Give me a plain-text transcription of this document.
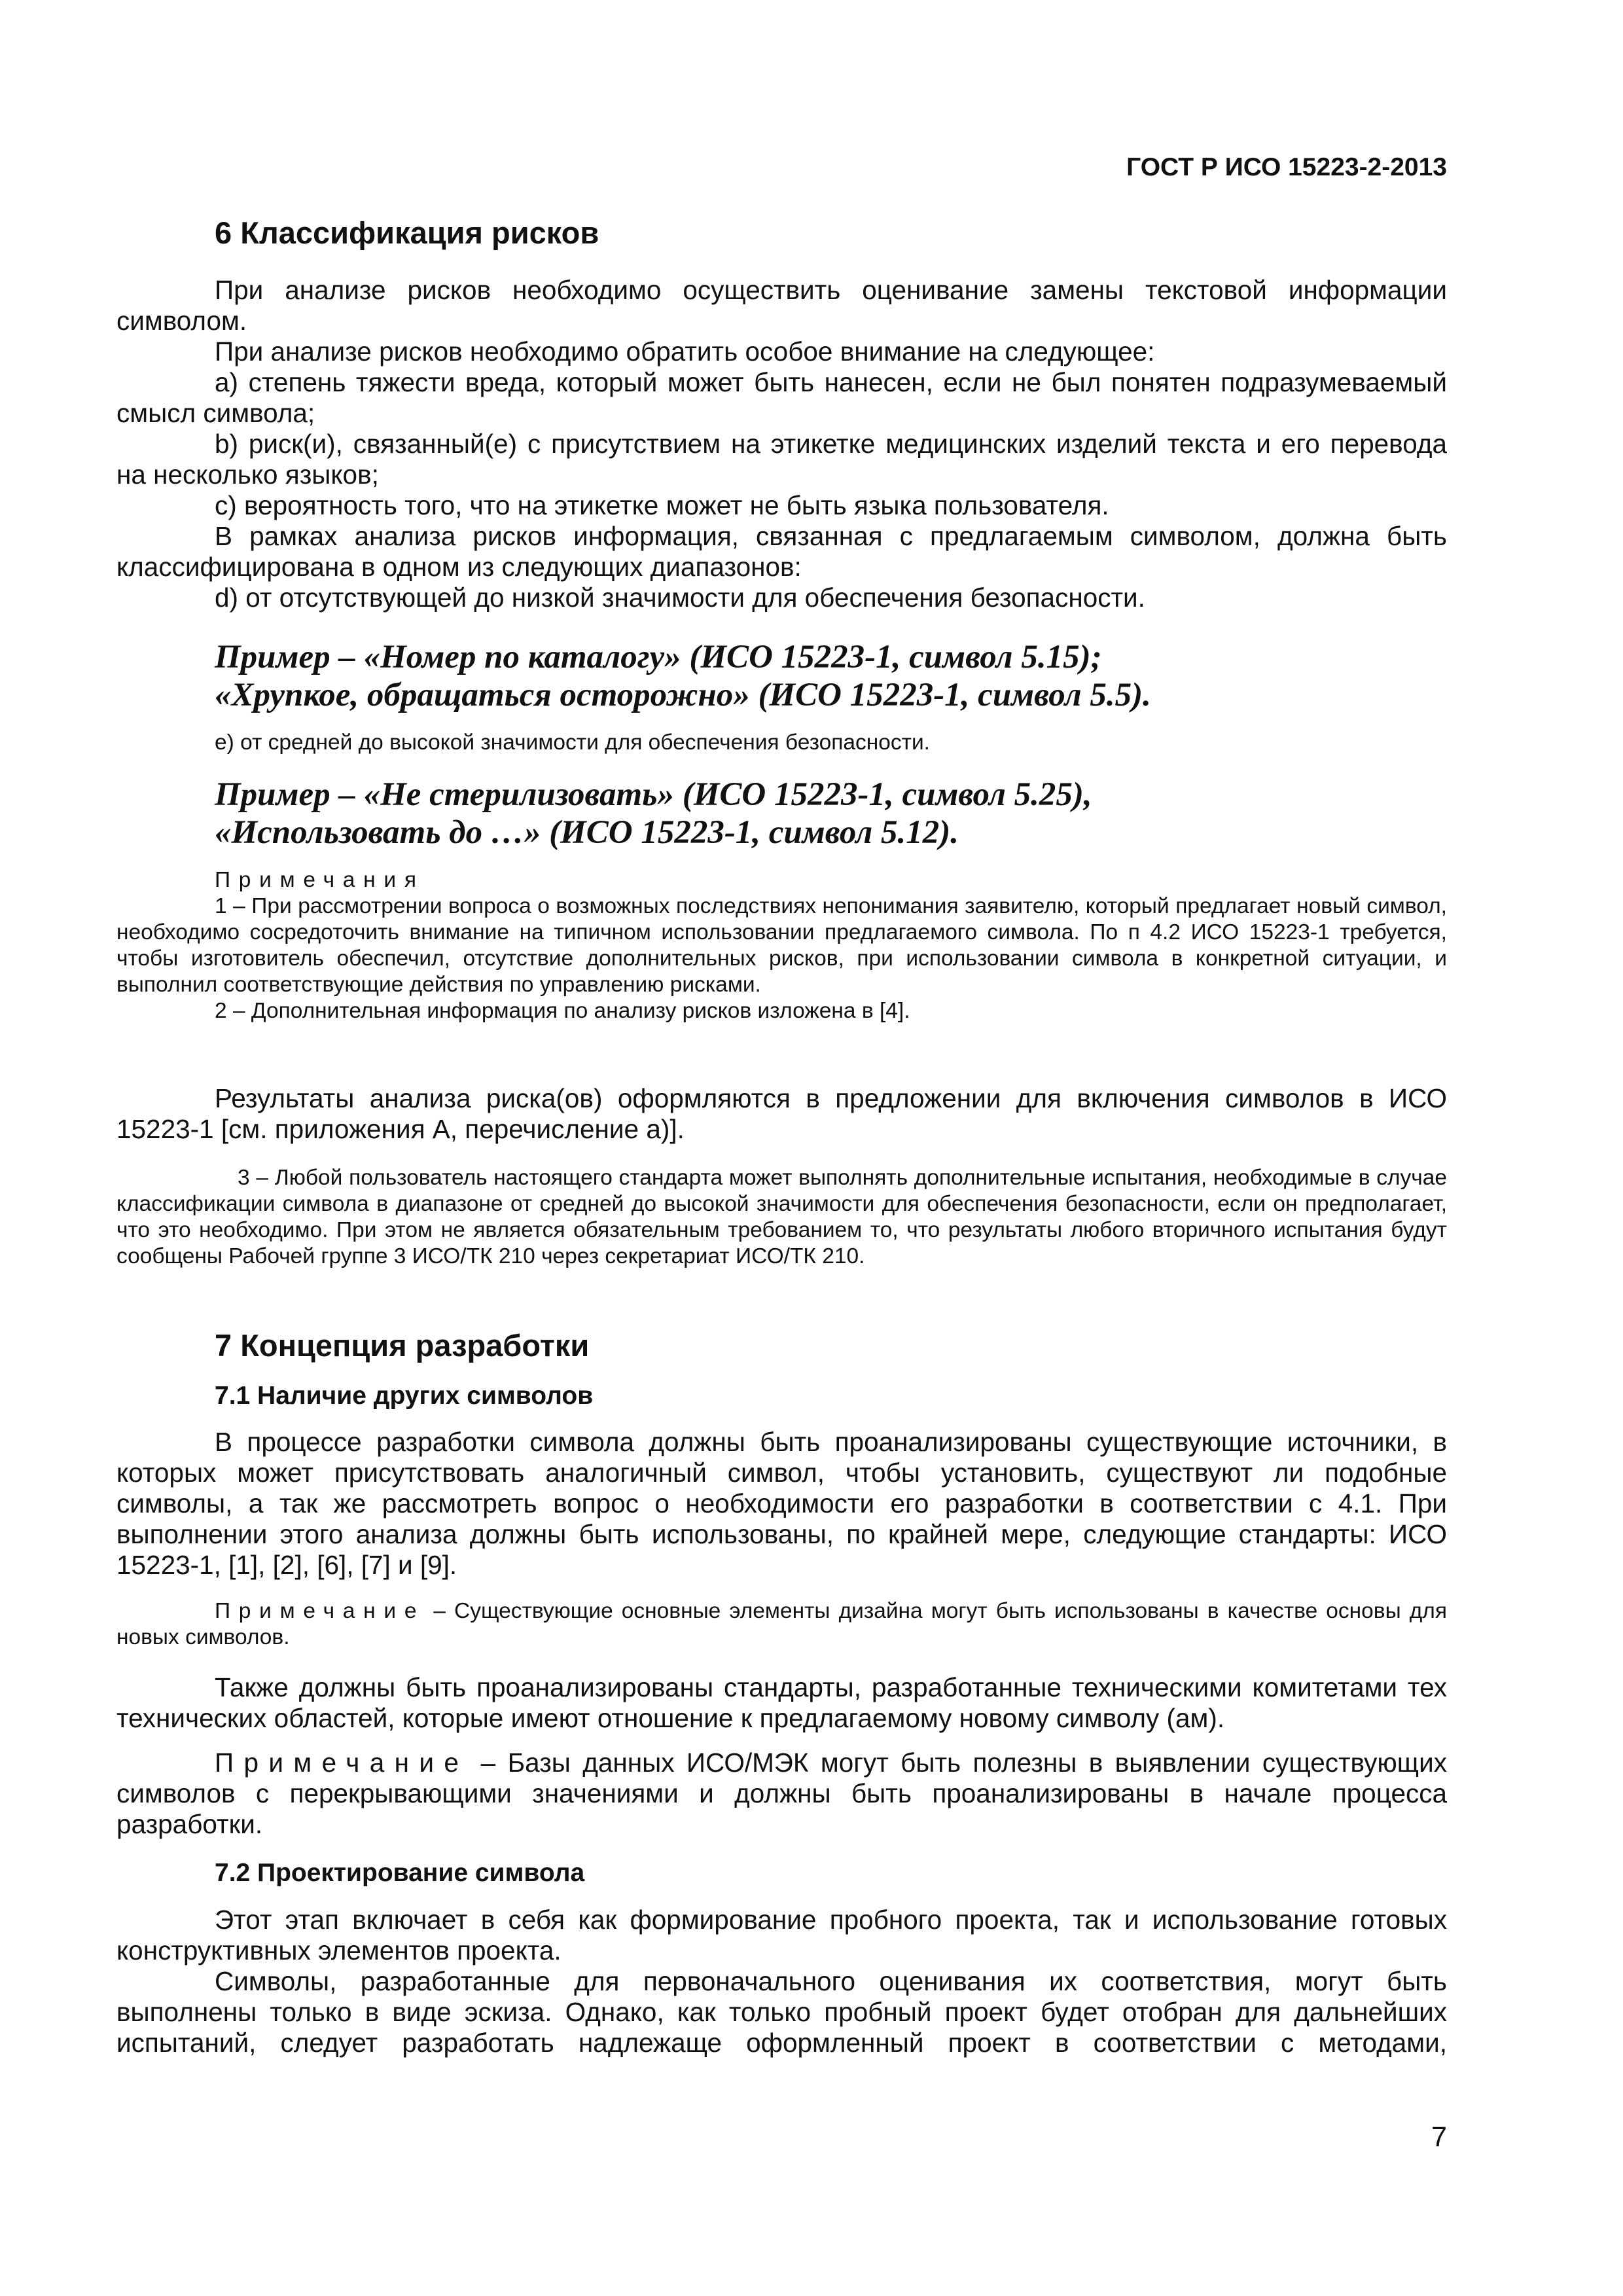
ГОСТ Р ИСО 15223-2-2013

6 Классификация рисков

При анализе рисков необходимо осуществить оценивание замены текстовой информации символом.

При анализе рисков необходимо обратить особое внимание на следующее:

а) степень тяжести вреда, который может быть нанесен, если не был понятен подразумеваемый смысл символа;

b) риск(и), связанный(е) с присутствием на этикетке медицинских изделий текста и его перевода на несколько языков;

с) вероятность того, что на этикетке может не быть языка пользователя.

В рамках анализа рисков информация, связанная с предлагаемым символом, должна быть классифицирована в одном из следующих диапазонов:

d) от отсутствующей до низкой значимости для обеспечения безопасности.

Пример – «Номер по каталогу» (ИСО 15223-1, символ 5.15);
«Хрупкое, обращаться осторожно» (ИСО 15223-1, символ 5.5).

е) от средней до высокой значимости для обеспечения безопасности.

Пример – «Не стерилизовать» (ИСО 15223-1, символ 5.25),
«Использовать до …» (ИСО 15223-1, символ 5.12).

Примечания

1 – При рассмотрении вопроса о возможных последствиях непонимания заявителю, который предлагает новый символ, необходимо сосредоточить внимание на типичном использовании предлагаемого символа. По п 4.2 ИСО 15223-1 требуется, чтобы изготовитель обеспечил, отсутствие дополнительных рисков, при использовании символа в конкретной ситуации, и выполнил соответствующие действия по управлению рисками.

2 – Дополнительная информация по анализу рисков изложена в [4].

Результаты анализа риска(ов) оформляются в предложении для включения символов в ИСО 15223-1 [см. приложения А, перечисление а)].

3 – Любой пользователь настоящего стандарта может выполнять дополнительные испытания, необходимые в случае классификации символа в диапазоне от средней до высокой значимости для обеспечения безопасности, если он предполагает, что это необходимо. При этом не является обязательным требованием то, что результаты любого вторичного испытания будут сообщены Рабочей группе 3 ИСО/ТК 210 через секретариат ИСО/ТК 210.

7 Концепция разработки
7.1 Наличие других символов

В процессе разработки символа должны быть проанализированы существующие источники, в которых может присутствовать аналогичный символ, чтобы установить, существуют ли подобные символы, а так же рассмотреть вопрос о необходимости его разработки в соответствии с 4.1. При выполнении этого анализа должны быть использованы, по крайней мере, следующие стандарты: ИСО 15223-1, [1], [2], [6], [7] и [9].

Примечание – Существующие основные элементы дизайна могут быть использованы в качестве основы для новых символов.

Также должны быть проанализированы стандарты, разработанные техническими комитетами тех технических областей, которые имеют отношение к предлагаемому новому символу (ам).

Примечание – Базы данных ИСО/МЭК могут быть полезны в выявлении существующих символов с перекрывающими значениями и должны быть проанализированы в начале процесса разработки.

7.2 Проектирование символа

Этот этап включает в себя как формирование пробного проекта, так и использование готовых конструктивных элементов проекта.

Символы, разработанные для первоначального оценивания их соответствия, могут быть выполнены только в виде эскиза. Однако, как только пробный проект будет отобран для дальнейших испытаний, следует разработать надлежаще оформленный проект в соответствии с методами,

7
